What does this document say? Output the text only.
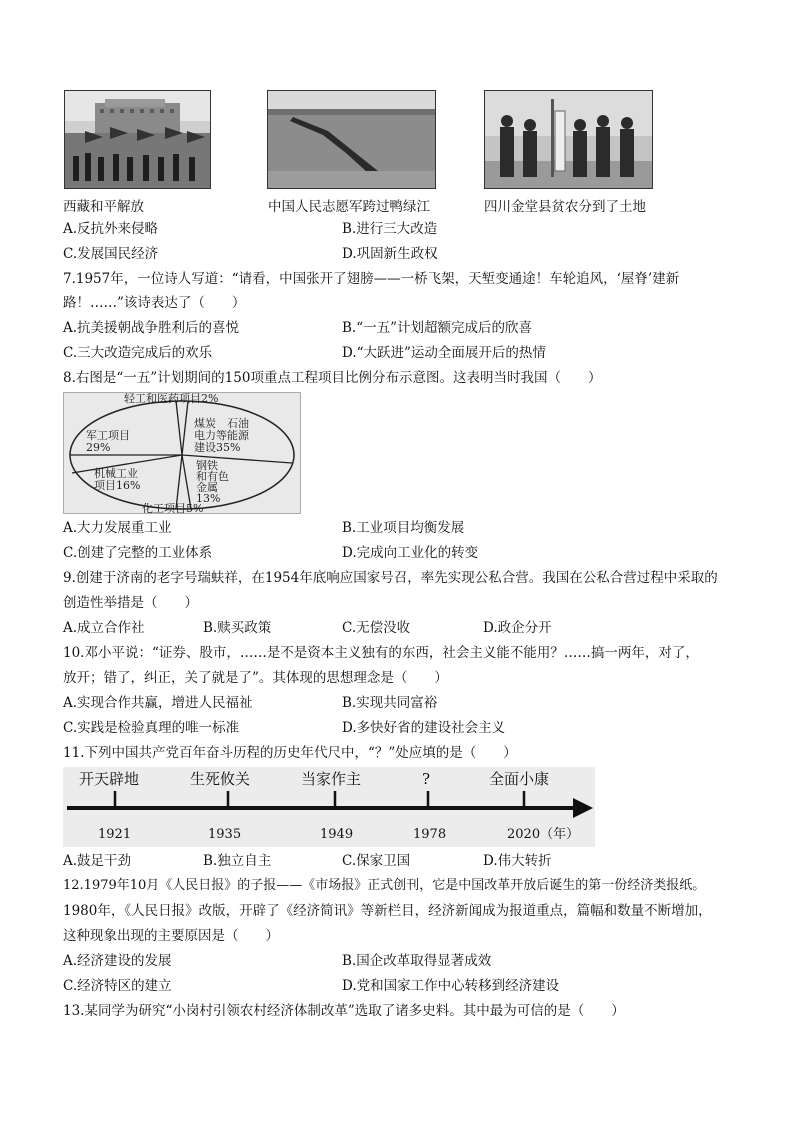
西藏和平解放	中国人民志愿军跨过鸭绿江	四川金堂县贫农分到了土地
A.反抗外来侵略	B.进行三大改造
C.发展国民经济	D.巩固新生政权
7.1957年，一位诗人写道：“请看，中国张开了翅膀——一桥飞架，天堑变通途！车轮追风，‘屋脊’建新
路！……”该诗表达了（　　）
A.抗美援朝战争胜利后的喜悦	B.“一五”计划超额完成后的欣喜
C.三大改造完成后的欢乐	D.“大跃进”运动全面展开后的热情
8.右图是“一五”计划期间的150项重点工程项目比例分布示意图。这表明当时我国（　　）
轻工和医药项目2%
军工项目
29%
煤炭　石油
电力等能源
建设35%
机械工业
项目16%
钢铁
和有色
金属
13%
化工项目5%
A.大力发展重工业	B.工业项目均衡发展
C.创建了完整的工业体系	D.完成向工业化的转变
9.创建于济南的老字号瑞蚨祥，在1954年底响应国家号召，率先实现公私合营。我国在公私合营过程中采取的
创造性举措是（　　）
A.成立合作社	B.赎买政策	C.无偿没收	D.政企分开
10.邓小平说：“证券、股市，……是不是资本主义独有的东西，社会主义能不能用？……搞一两年，对了，
放开；错了，纠正，关了就是了”。其体现的思想理念是（　　）
A.实现合作共赢，增进人民福祉	B.实现共同富裕
C.实践是检验真理的唯一标准	D.多快好省的建设社会主义
11.下列中国共产党百年奋斗历程的历史年代尺中，“？”处应填的是（　　）
开天辟地	生死攸关	当家作主	?	全面小康
1921	1935	1949	1978	2020（年）
A.鼓足干劲	B.独立自主	C.保家卫国	D.伟大转折
12.1979年10月《人民日报》的子报——《市场报》正式创刊，它是中国改革开放后诞生的第一份经济类报纸。
1980年，《人民日报》改版，开辟了《经济简讯》等新栏目，经济新闻成为报道重点，篇幅和数量不断增加，
这种现象出现的主要原因是（　　）
A.经济建设的发展	B.国企改革取得显著成效
C.经济特区的建立	D.党和国家工作中心转移到经济建设
13.某同学为研究“小岗村引领农村经济体制改革”选取了诸多史料。其中最为可信的是（　　）
